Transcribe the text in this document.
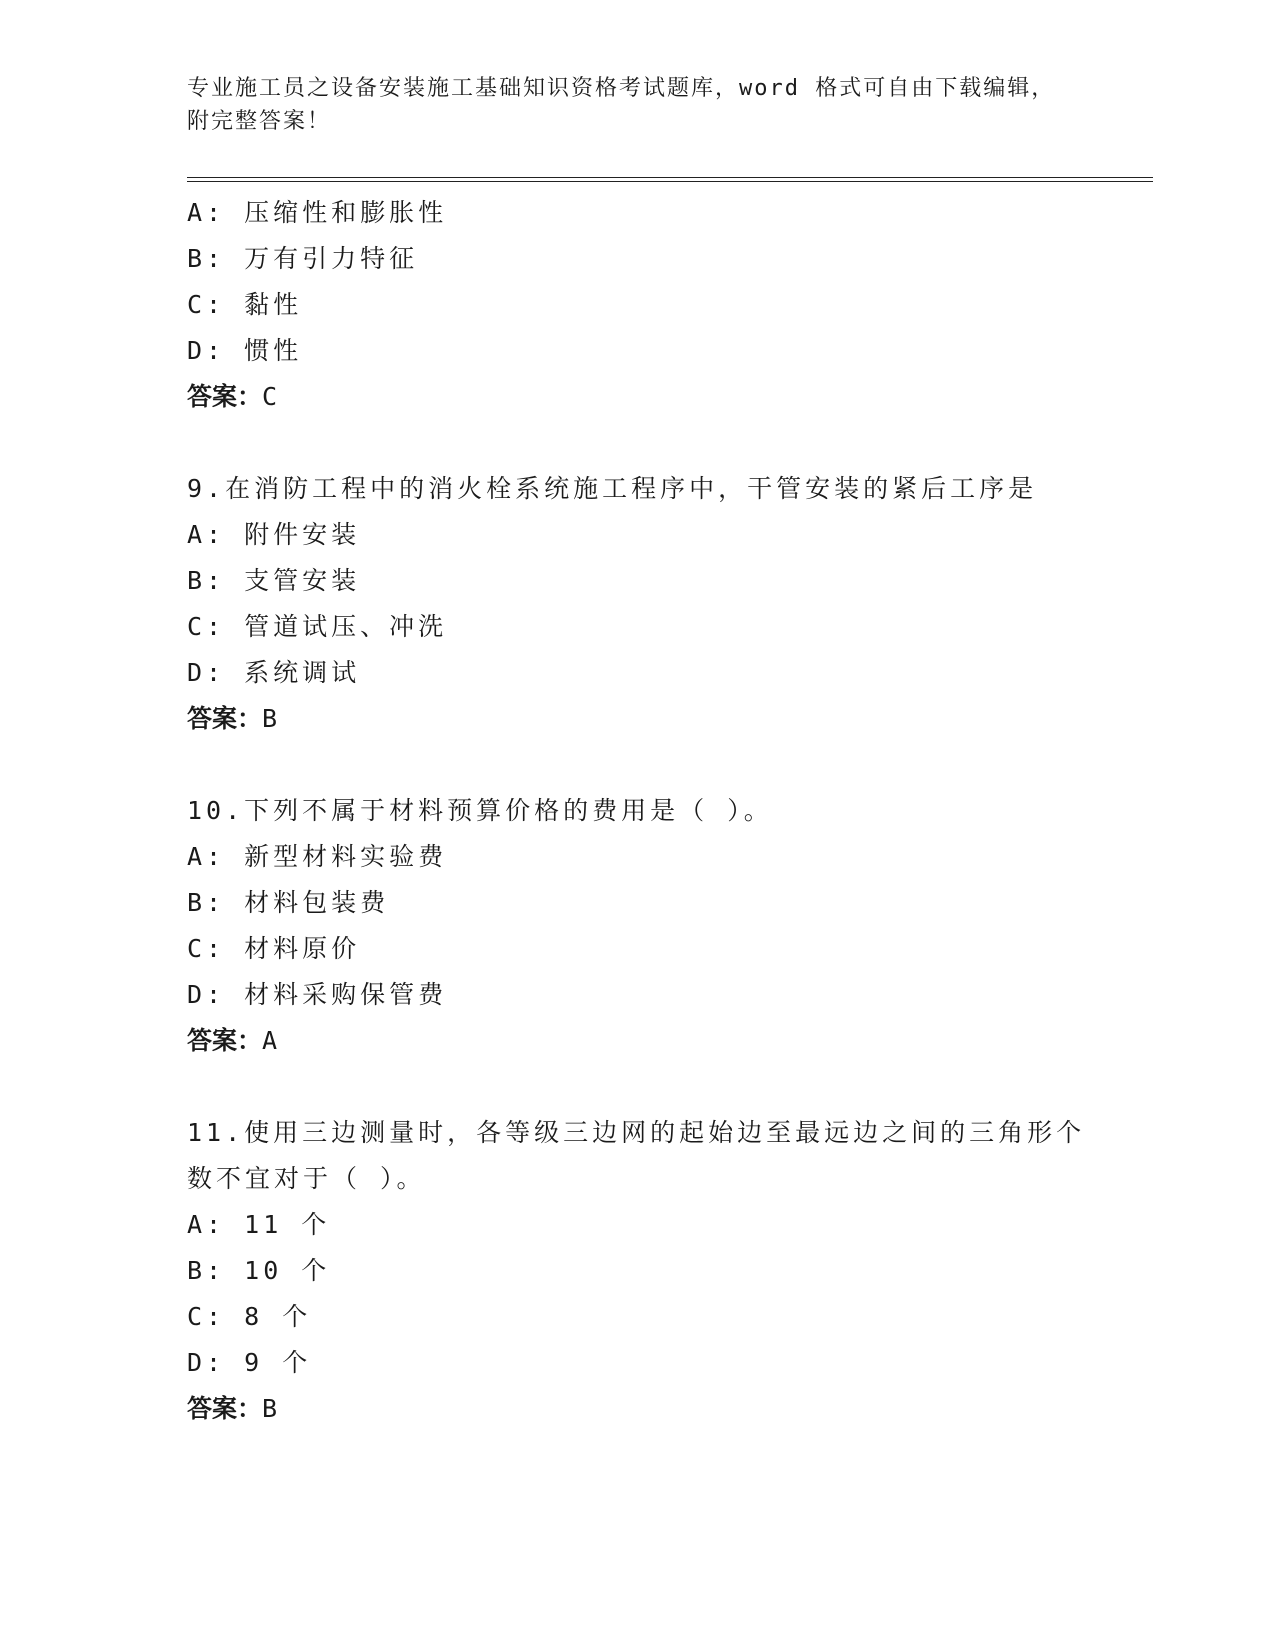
专业施工员之设备安装施工基础知识资格考试题库，word 格式可自由下载编辑，
附完整答案！
A: 压缩性和膨胀性
B: 万有引力特征
C: 黏性
D: 惯性
答案：C
9.在消防工程中的消火栓系统施工程序中，干管安装的紧后工序是
A: 附件安装
B: 支管安装
C: 管道试压、冲洗
D: 系统调试
答案：B
10.下列不属于材料预算价格的费用是（ ）。
A: 新型材料实验费
B: 材料包装费
C: 材料原价
D: 材料采购保管费
答案：A
11.使用三边测量时，各等级三边网的起始边至最远边之间的三角形个
数不宜对于（ ）。
A: 11 个
B: 10 个
C: 8 个
D: 9 个
答案：B
